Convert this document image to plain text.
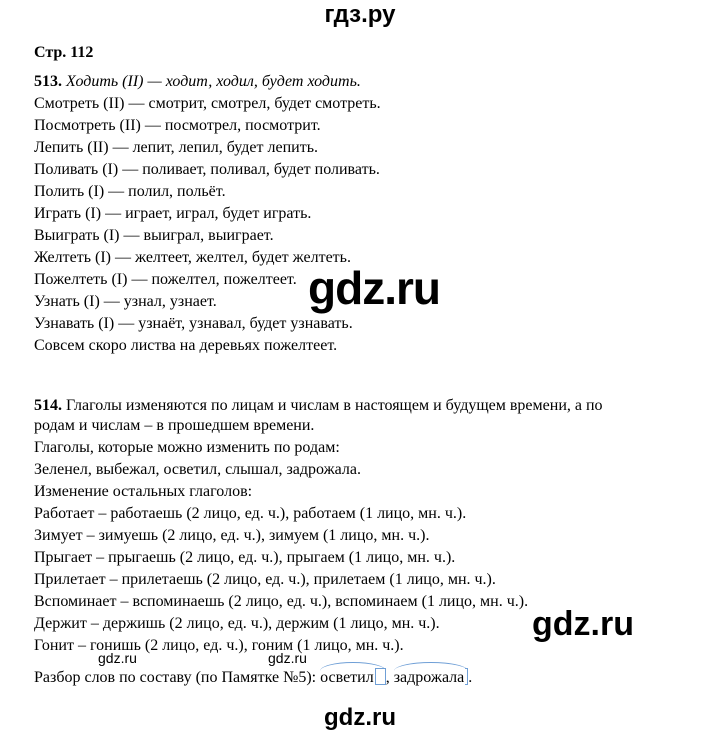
гдз.ру
Стр. 112
513. Ходить (II) — ходит, ходил, будет ходить.
Смотреть (II) — смотрит, смотрел, будет смотреть.
Посмотреть (II) — посмотрел, посмотрит.
Лепить (II) — лепит, лепил, будет лепить.
Поливать (I) — поливает, поливал, будет поливать.
Полить (I) — полил, польёт.
Играть (I) — играет, играл, будет играть.
Выиграть (I) — выиграл, выиграет.
Желтеть (I) — желтеет, желтел, будет желтеть.
Пожелтеть (I) — пожелтел, пожелтеет.
Узнать (I) — узнал, узнает.
Узнавать (I) — узнаёт, узнавал, будет узнавать.
Совсем скоро листва на деревьях пожелтеет.
514. Глаголы изменяются по лицам и числам в настоящем и будущем времени, а по
родам и числам – в прошедшем времени.
Глаголы, которые можно изменить по родам:
Зеленел, выбежал, осветил, слышал, задрожала.
Изменение остальных глаголов:
Работает – работаешь (2 лицо, ед. ч.), работаем (1 лицо, мн. ч.).
Зимует – зимуешь (2 лицо, ед. ч.), зимуем (1 лицо, мн. ч.).
Прыгает – прыгаешь (2 лицо, ед. ч.), прыгаем (1 лицо, мн. ч.).
Прилетает – прилетаешь (2 лицо, ед. ч.), прилетаем (1 лицо, мн. ч.).
Вспоминает – вспоминаешь (2 лицо, ед. ч.), вспоминаем (1 лицо, мн. ч.).
Держит – держишь (2 лицо, ед. ч.), держим (1 лицо, мн. ч.).
Гонит – гонишь (2 лицо, ед. ч.), гоним (1 лицо, мн. ч.).
Разбор слов по составу (по Памятке №5):
осветил ,
задрожала .
gdz.ru
gdz.ru
gdz.ru	gdz.ru
gdz.ru
